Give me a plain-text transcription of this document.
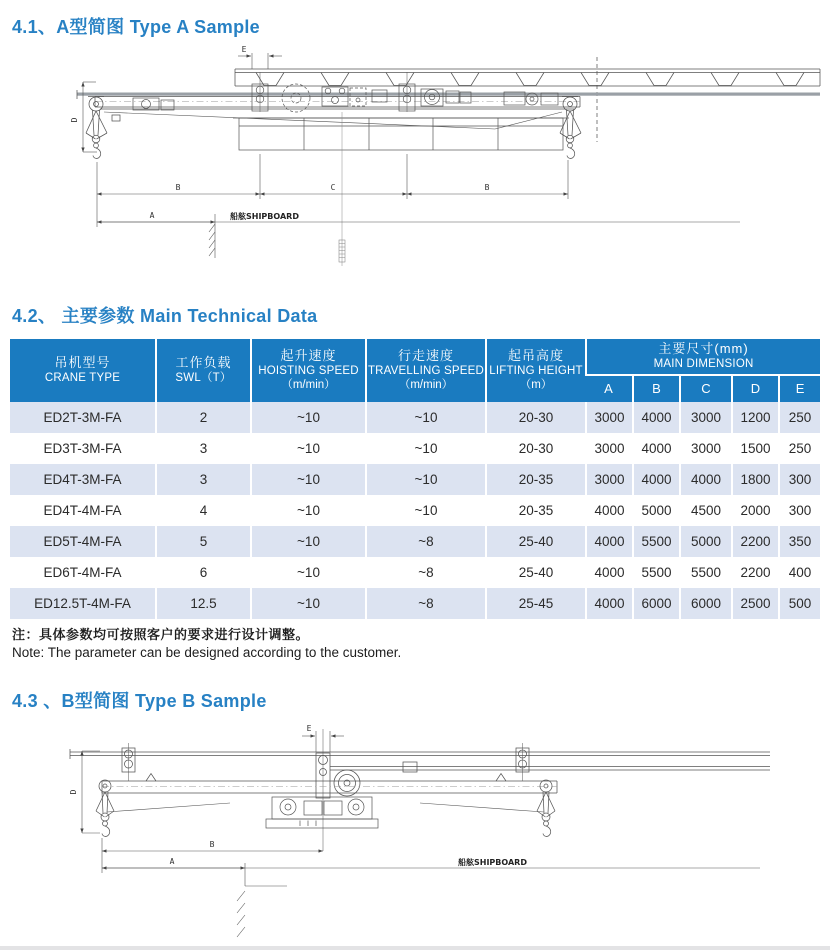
4.1、A型简图 Type A Sample
E
D
B	C	B
A	船舷SHIPBOARD
4.2、 主要参数 Main Technical Data
吊机型号
CRANE TYPE

工作负载
SWL（T）

起升速度
HOISTING SPEED
（m/min）

行走速度
TRAVELLING SPEED
（m/min）

起吊高度
LIFTING HEIGHT
（m）

主要尺寸(mm)
MAIN DIMENSION

					A	B	C	D	E
ED2T-3M-FA	2	~10	~10	20-30	3000	4000	3000	1200	250
ED3T-3M-FA	3	~10	~10	20-30	3000	4000	3000	1500	250
ED4T-3M-FA	3	~10	~10	20-35	3000	4000	4000	1800	300
ED4T-4M-FA	4	~10	~10	20-35	4000	5000	4500	2000	300
ED5T-4M-FA	5	~10	~8	25-40	4000	5500	5000	2200	350
ED6T-4M-FA	6	~10	~8	25-40	4000	5500	5500	2200	400
ED12.5T-4M-FA	12.5	~10	~8	25-45	4000	6000	6000	2500	500
注：具体参数均可按照客户的要求进行设计调整。
Note: The parameter can be designed according to the customer.
4.3 、B型简图 Type B Sample
E
D
B
A	船舷SHIPBOARD
